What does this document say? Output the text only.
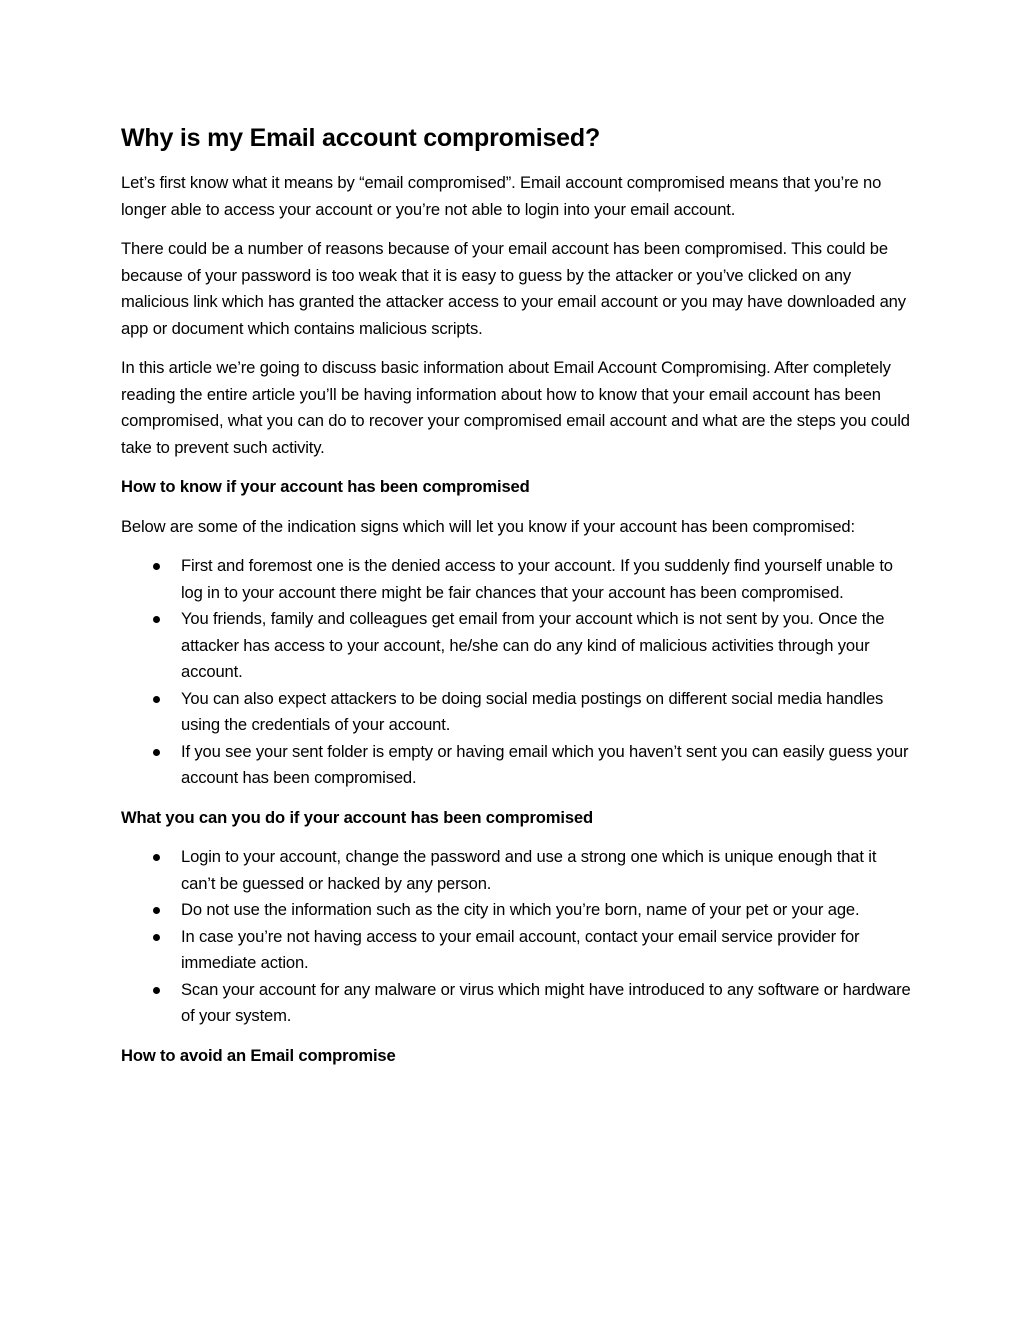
Why is my Email account compromised?

Let’s first know what it means by “email compromised”. Email account compromised means that you’re no longer able to access your account or you’re not able to login into your email account.

There could be a number of reasons because of your email account has been compromised. This could be because of your password is too weak that it is easy to guess by the attacker or you’ve clicked on any malicious link which has granted the attacker access to your email account or you may have downloaded any app or document which contains malicious scripts.

In this article we’re going to discuss basic information about Email Account Compromising. After completely reading the entire article you’ll be having information about how to know that your email account has been compromised, what you can do to recover your compromised email account and what are the steps you could take to prevent such activity.

How to know if your account has been compromised

Below are some of the indication signs which will let you know if your account has been compromised:

First and foremost one is the denied access to your account. If you suddenly find yourself unable to log in to your account there might be fair chances that your account has been compromised.
You friends, family and colleagues get email from your account which is not sent by you. Once the attacker has access to your account, he/she can do any kind of malicious activities through your account.
You can also expect attackers to be doing social media postings on different social media handles using the credentials of your account.
If you see your sent folder is empty or having email which you haven’t sent you can easily guess your account has been compromised.
What you can you do if your account has been compromised
Login to your account, change the password and use a strong one which is unique enough that it can’t be guessed or hacked by any person.
Do not use the information such as the city in which you’re born, name of your pet or your age.
In case you’re not having access to your email account, contact your email service provider for immediate action.
Scan your account for any malware or virus which might have introduced to any software or hardware of your system.
How to avoid an Email compromise
